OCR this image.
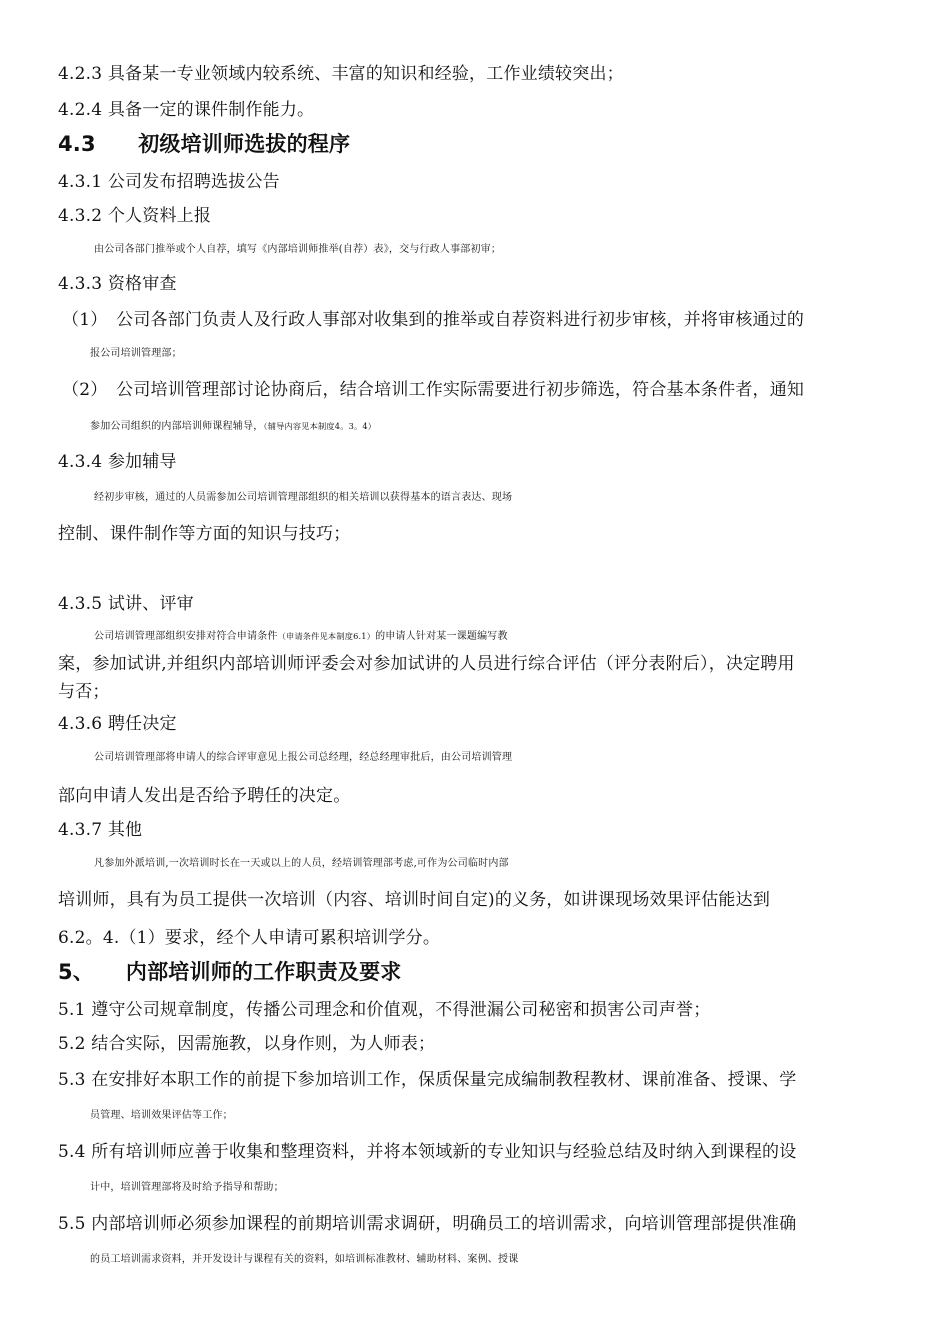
4.2.3 具备某一专业领域内较系统、丰富的知识和经验，工作业绩较突出；
4.2.4 具备一定的课件制作能力。
4.3　　初级培训师选拔的程序
4.3.1 公司发布招聘选拔公告
4.3.2 个人资料上报
由公司各部门推举或个人自荐，填写《内部培训师推举(自荐）表》，交与行政人事部初审；
4.3.3 资格审查
（1）　公司各部门负责人及行政人事部对收集到的推举或自荐资料进行初步审核，并将审核通过的
报公司培训管理部；
（2）　公司培训管理部讨论协商后，结合培训工作实际需要进行初步筛选，符合基本条件者，通知
参加公司组织的内部培训师课程辅导，（辅导内容见本制度4。3。4）
4.3.4 参加辅导
经初步审核，通过的人员需参加公司培训管理部组织的相关培训以获得基本的语言表达、现场
控制、课件制作等方面的知识与技巧；
4.3.5 试讲、评审
公司培训管理部组织安排对符合申请条件（申请条件见本制度6.1）的申请人针对某一课题编写教
案，参加试讲,并组织内部培训师评委会对参加试讲的人员进行综合评估（评分表附后），决定聘用
与否；
4.3.6 聘任决定
公司培训管理部将申请人的综合评审意见上报公司总经理，经总经理审批后，由公司培训管理
部向申请人发出是否给予聘任的决定。
4.3.7 其他
凡参加外派培训,一次培训时长在一天或以上的人员，经培训管理部考虑,可作为公司临时内部
培训师，具有为员工提供一次培训（内容、培训时间自定)的义务，如讲课现场效果评估能达到
6.2。4.（1）要求，经个人申请可累积培训学分。
5、　　内部培训师的工作职责及要求
5.1 遵守公司规章制度，传播公司理念和价值观，不得泄漏公司秘密和损害公司声誉；
5.2 结合实际，因需施教，以身作则，为人师表；
5.3 在安排好本职工作的前提下参加培训工作，保质保量完成编制教程教材、课前准备、授课、学
员管理、培训效果评估等工作；
5.4 所有培训师应善于收集和整理资料，并将本领域新的专业知识与经验总结及时纳入到课程的设
计中，培训管理部将及时给予指导和帮助；
5.5 内部培训师必须参加课程的前期培训需求调研，明确员工的培训需求，向培训管理部提供准确
的员工培训需求资料，并开发设计与课程有关的资料，如培训标准教材、辅助材料、案例、授课
